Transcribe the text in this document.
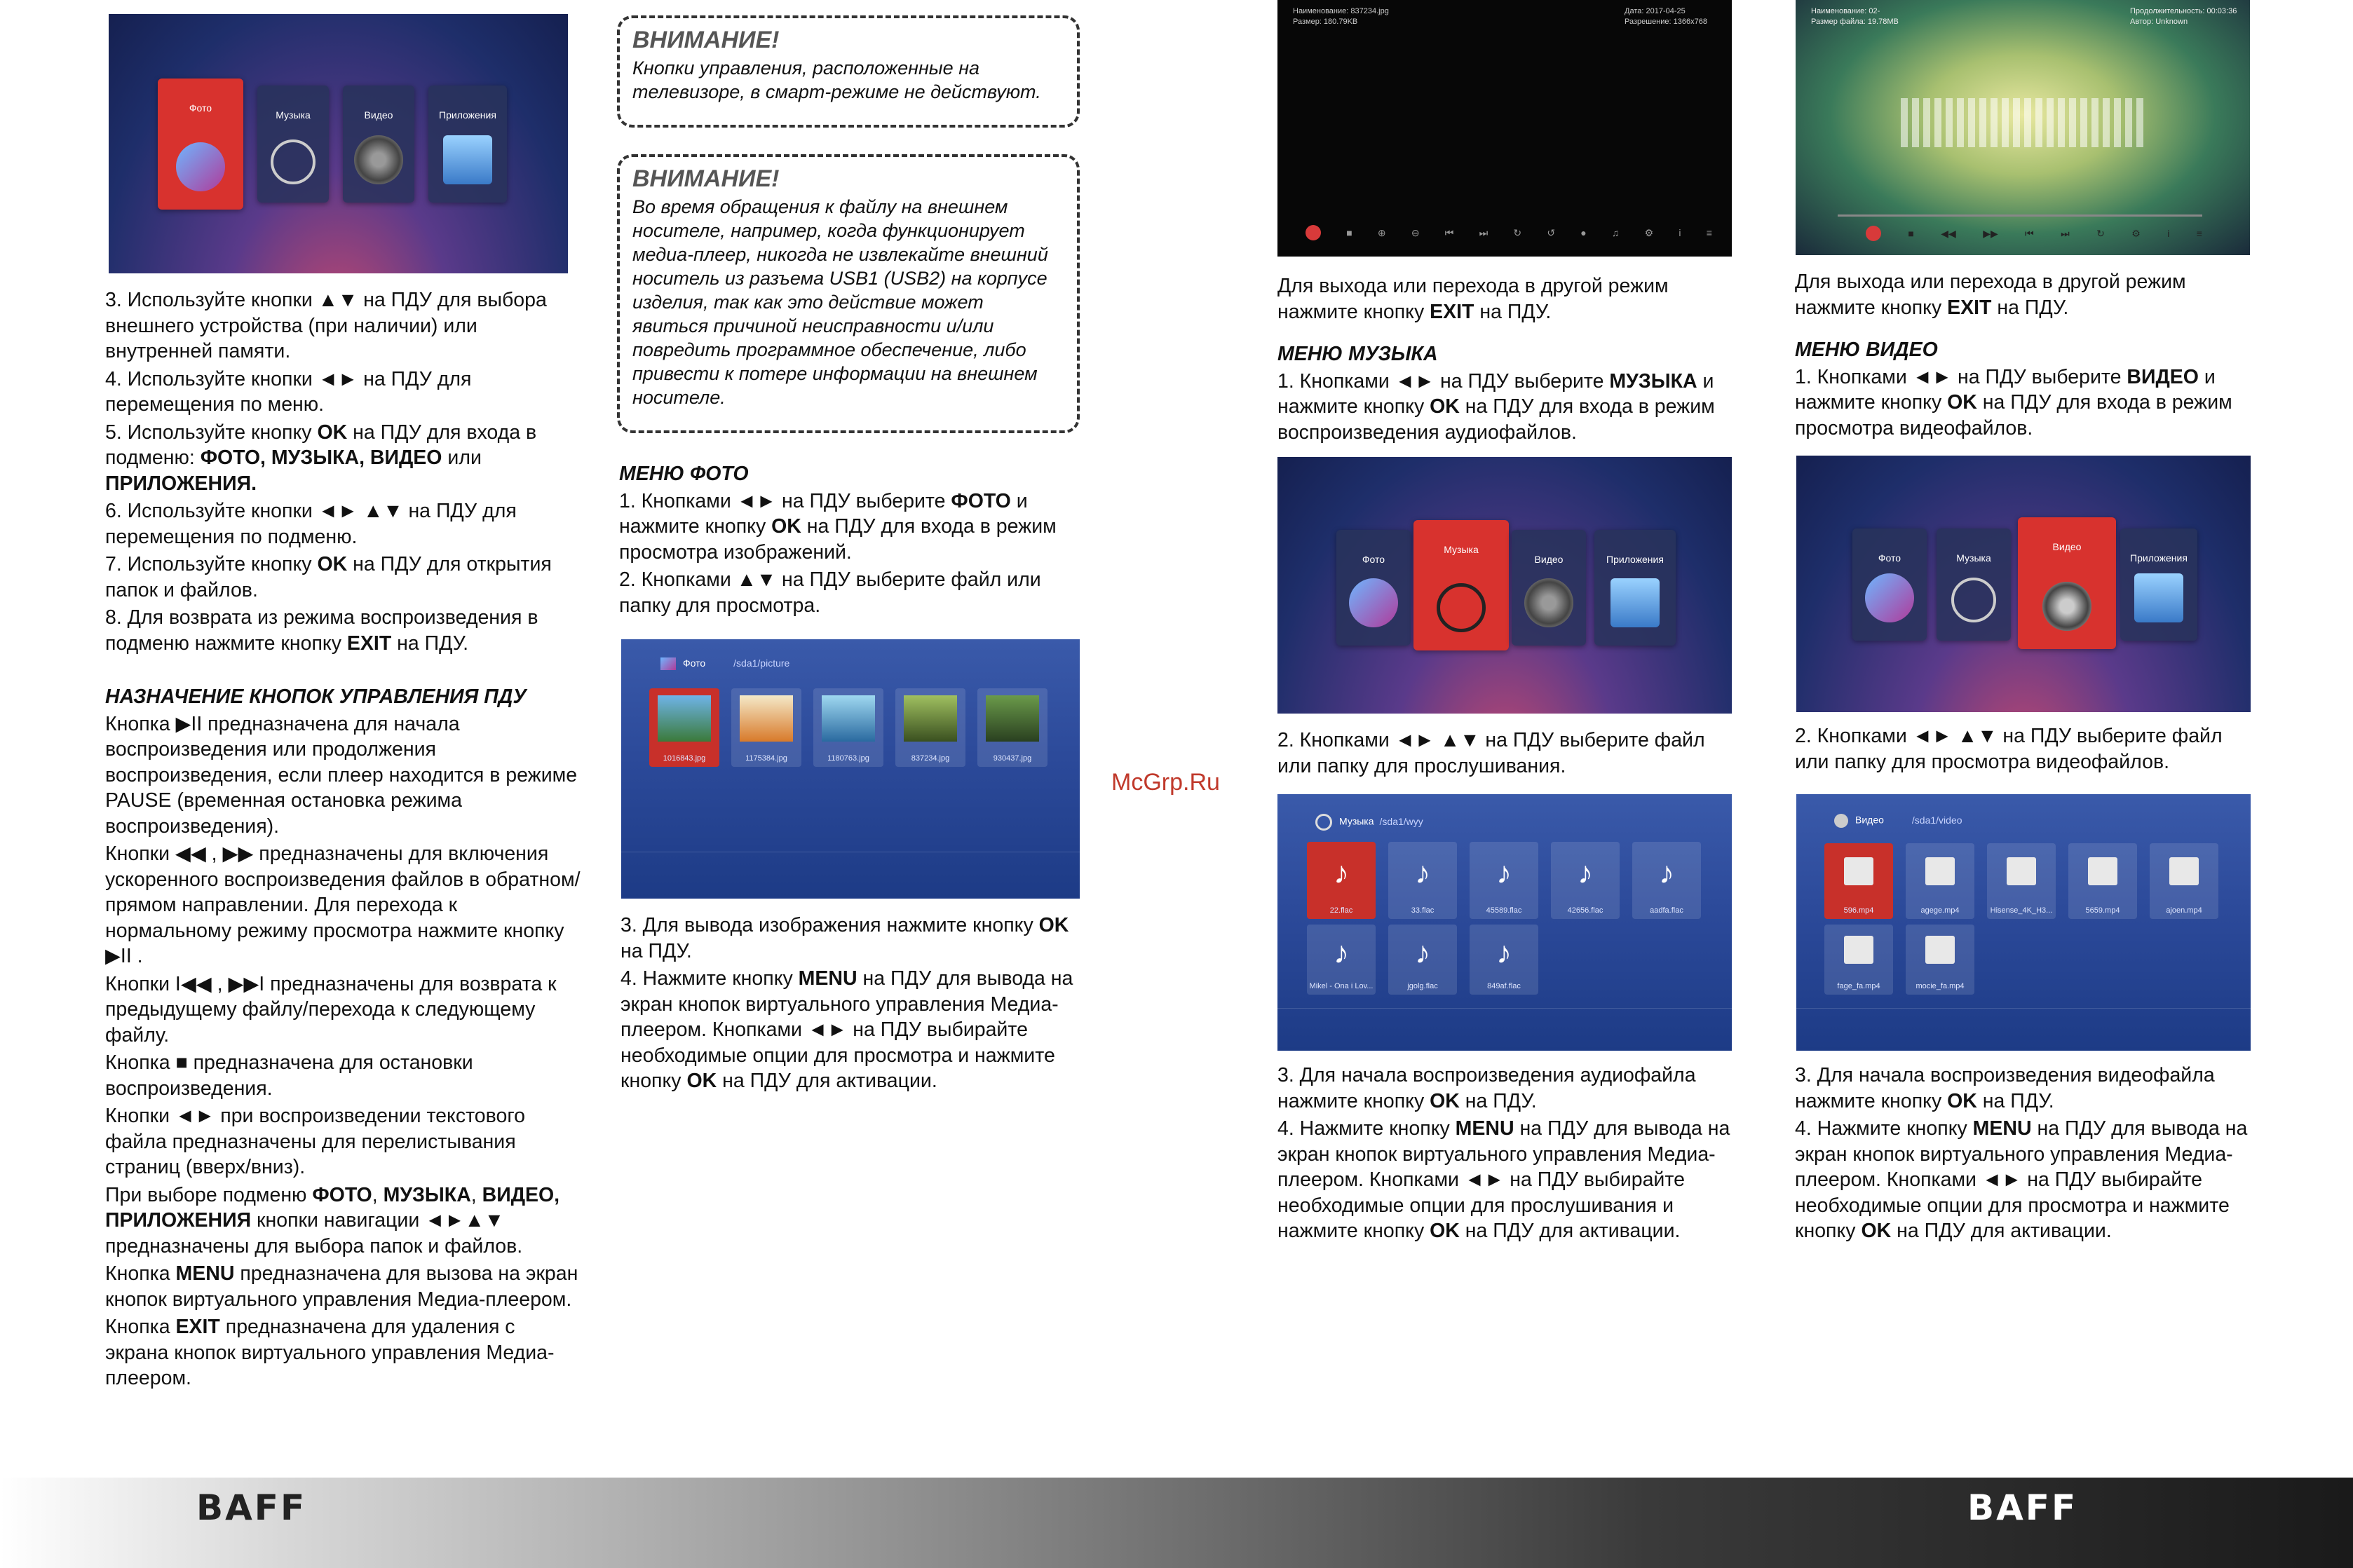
Фото
Музыка	Видео	Приложения

3. Используйте кнопки ▲▼ на ПДУ для выбора внешнего устройства (при наличии) или внутренней памяти.

4. Используйте кнопки ◄► на ПДУ для перемещения по меню.

5. Используйте кнопку OK на ПДУ для входа в подменю: ФОТО, МУЗЫКА, ВИДЕО или ПРИЛОЖЕНИЯ.

6. Используйте кнопки ◄► ▲▼ на ПДУ для перемещения по подменю.

7. Используйте кнопку OK на ПДУ для открытия папок и файлов.

8. Для возврата из режима воспроизведения в подменю нажмите кнопку EXIT на ПДУ.

НАЗНАЧЕНИЕ КНОПОК УПРАВЛЕНИЯ ПДУ

Кнопка ▶II предназначена для начала воспроизведения или продолжения воспроизведения, если плеер находится в режиме PAUSE (временная остановка режима воспроизведения).

Кнопки ◀◀ , ▶▶ предназначены для включения ускоренного воспроизведения файлов в обратном/прямом направлении. Для перехода к нормальному режиму просмотра нажмите кнопку ▶II .

Кнопки I◀◀ , ▶▶I предназначены для возврата к предыдущему файлу/перехода к следующему файлу.

Кнопка ■ предназначена для остановки воспроизведения.

Кнопки ◄► при воспроизведении текстового файла предназначены для перелистывания страниц (вверх/вниз).

При выборе подменю ФОТО, МУЗЫКА, ВИДЕО, ПРИЛОЖЕНИЯ кнопки навигации ◄►▲▼ предназначены для выбора папок и файлов.

Кнопка MENU предназначена для вызова на экран кнопок виртуального управления Медиа-плеером.

Кнопка EXIT предназначена для удаления с экрана кнопок виртуального управления Медиа-плеером.

ВНИМАНИЕ!
Кнопки управления, расположенные на телевизоре, в смарт-режиме не действуют.
ВНИМАНИЕ!
Во время обращения к файлу на внешнем носителе, например, когда функционирует медиа-плеер, никогда не извлекайте внешний носитель из разъема USB1 (USB2) на корпусе изделия, так как это действие может явиться причиной неисправности и/или повредить программное обеспечение, либо привести к потере информации на внешнем носителе.

МЕНЮ ФОТО

1. Кнопками ◄► на ПДУ выберите ФОТО и нажмите кнопку OK на ПДУ для входа в режим просмотра изображений.

2. Кнопками ▲▼ на ПДУ выберите файл или папку для просмотра.

Фото	/sda1/picture
1016843.jpg	1175384.jpg	1180763.jpg	837234.jpg	930437.jpg

3. Для вывода изображения нажмите кнопку OK на ПДУ.

4. Нажмите кнопку MENU на ПДУ для вывода на экран кнопок виртуального управления Медиа-плеером. Кнопками ◄► на ПДУ выбирайте необходимые опции для просмотра и нажмите кнопку OK на ПДУ для активации.

McGrp.Ru
Наименование: 837234.jpg
Размер: 180.79KB
Дата: 2017-04-25
Разрешение: 1366x768
■	⊕	⊖	⏮	⏭	↻	↺	●	♫	⚙	i	≡

Для выхода или перехода в другой режим нажмите кнопку EXIT на ПДУ.

МЕНЮ МУЗЫКА

1. Кнопками ◄► на ПДУ выберите МУЗЫКА и нажмите кнопку OK на ПДУ для входа в режим воспроизведения аудиофайлов.

Фото
Музыка
Видео	Приложения

2. Кнопками ◄► ▲▼ на ПДУ выберите файл или папку для прослушивания.

Музыка /sda1/wyy
♪
22.flac
♪
33.flac
♪
45589.flac
♪
42656.flac
♪
aadfa.flac
♪
Mikel - Ona i Lov...
♪
jgolg.flac
♪
849af.flac

3. Для начала воспроизведения аудиофайла нажмите кнопку OK на ПДУ.

4. Нажмите кнопку MENU на ПДУ для вывода на экран кнопок виртуального управления Медиа-плеером. Кнопками ◄► на ПДУ выбирайте необходимые опции для прослушивания и нажмите кнопку OK на ПДУ для активации.

Наименование: 02-
Размер файла: 19.78MB
Продолжительность: 00:03:36
Автор: Unknown
■	◀◀	▶▶	⏮	⏭	↻	⚙	i	≡

Для выхода или перехода в другой режим нажмите кнопку EXIT на ПДУ.

МЕНЮ ВИДЕО

1. Кнопками ◄► на ПДУ выберите ВИДЕО и нажмите кнопку OK на ПДУ для входа в режим просмотра видеофайлов.

Фото	Музыка
Видео
Приложения

2. Кнопками ◄► ▲▼ на ПДУ выберите файл или папку для просмотра видеофайлов.

Видео	/sda1/video
596.mp4	agege.mp4	Hisense_4K_H3...	5659.mp4	ajoen.mp4
fage_fa.mp4	mocie_fa.mp4

3. Для начала воспроизведения видеофайла нажмите кнопку OK на ПДУ.

4. Нажмите кнопку MENU на ПДУ для вывода на экран кнопок виртуального управления Медиа-плеером. Кнопками ◄► на ПДУ выбирайте необходимые опции для просмотра и нажмите кнопку OK на ПДУ для активации.

BAFF	BAFF
